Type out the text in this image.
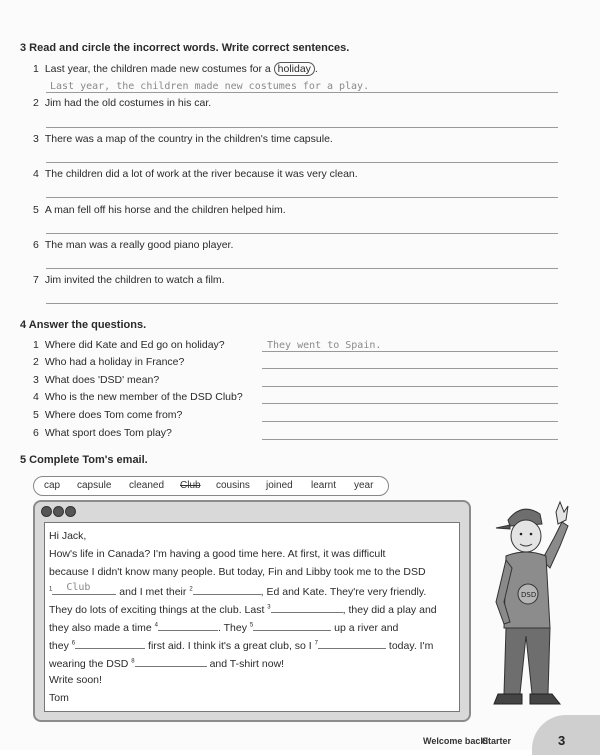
3 Read and circle the incorrect words. Write correct sentences.
1 Last year, the children made new costumes for a holiday .
Last year, the children made new costumes for a play.
2 Jim had the old costumes in his car.
3 There was a map of the country in the children's time capsule.
4 The children did a lot of work at the river because it was very clean.
5 A man fell off his horse and the children helped him.
6 The man was a really good piano player.
7 Jim invited the children to watch a film.
4 Answer the questions.
1 Where did Kate and Ed go on holiday?	They went to Spain.
2 Who had a holiday in France?
3 What does 'DSD' mean?
4 Who is the new member of the DSD Club?
5 Where does Tom come from?
6 What sport does Tom play?
5 Complete Tom's email.
cap capsule cleaned Club cousins joined learnt year
Hi Jack,
How's life in Canada? I'm having a good time here. At first, it was difficult
because I didn't know many people. But today, Fin and Libby took me to the DSD
$^1$ Club	and I met their $^2$	, Ed and Kate. They're very friendly.
They do lots of exciting things at the club. Last $^3$	, they did a play and
they also made a time $^4$	. They $^5$	up a river and
they $^6$	first aid. I think it's a great club, so I $^7$	today. I'm
wearing the DSD $^8$	and T-shirt now!
Write soon!
Tom
DSD
Welcome back!
Starter	3
